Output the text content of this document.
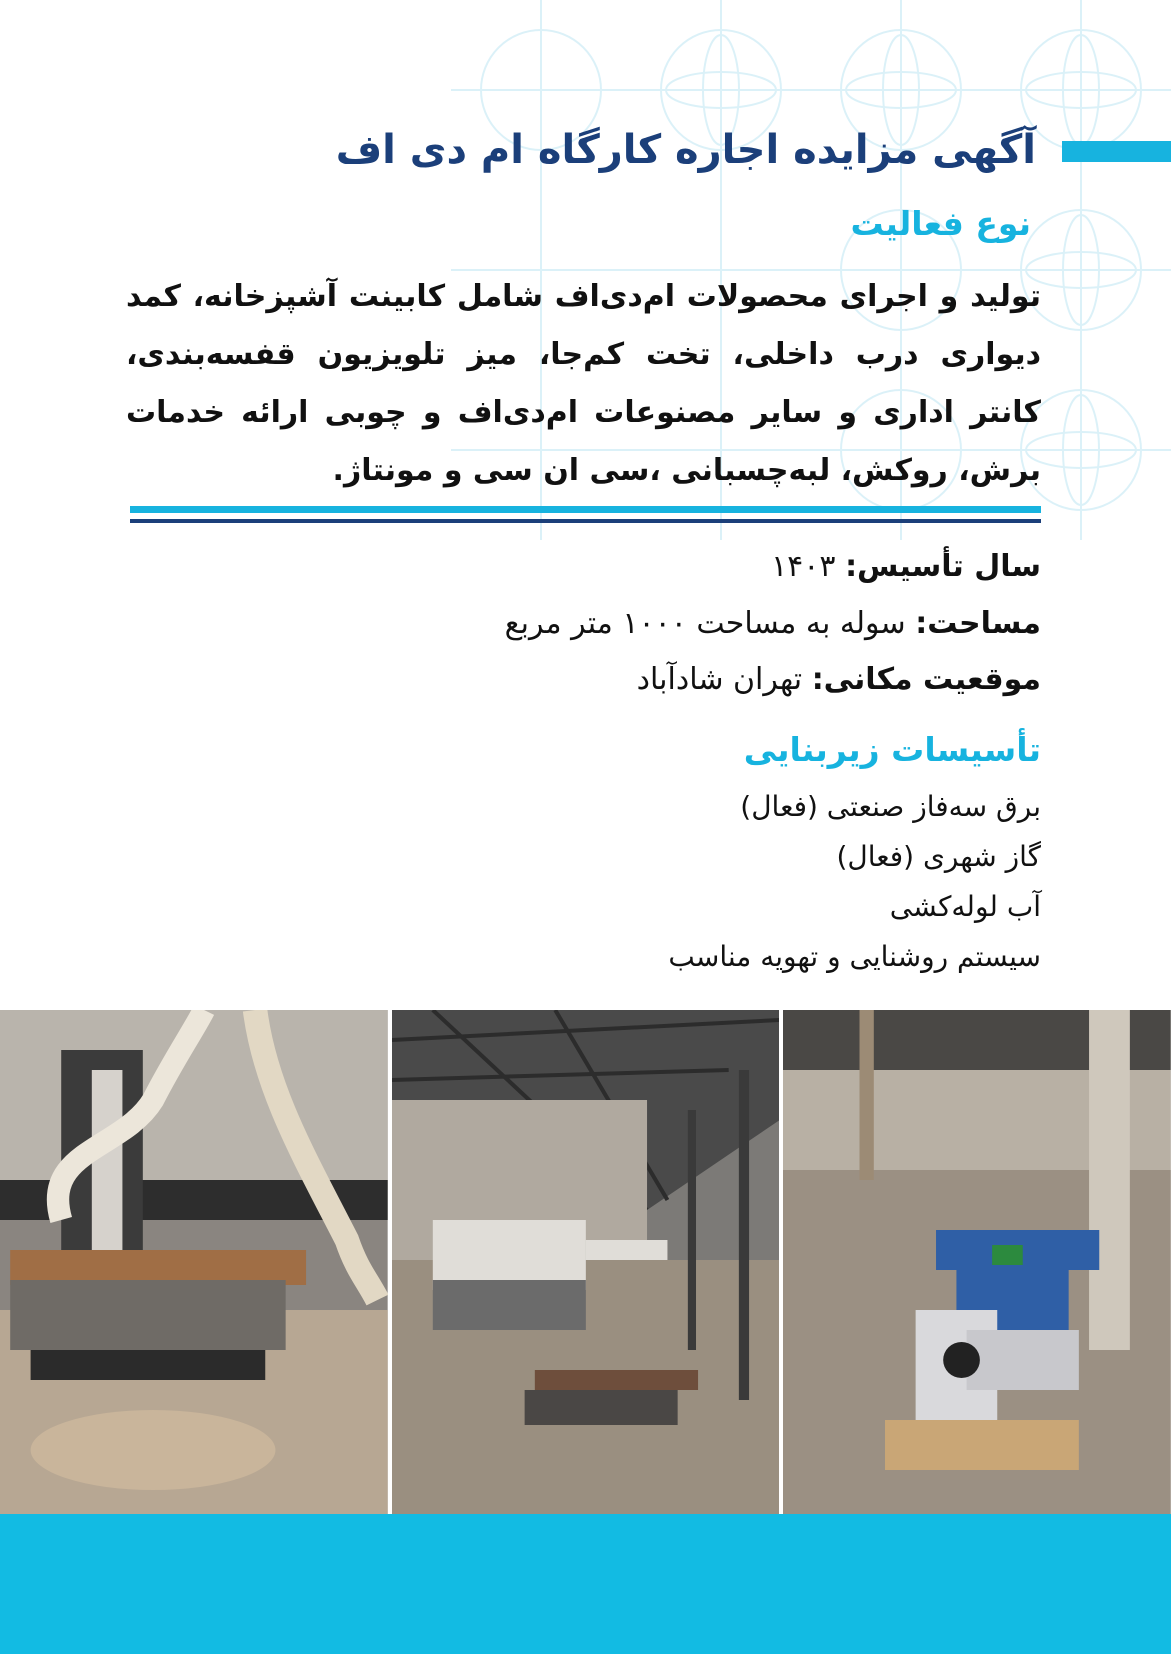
آگهی مزایده اجاره کارگاه ام دی اف
نوع فعالیت

تولید و اجرای محصولات ام‌دی‌اف شامل کابینت آشپزخانه، کمد دیواری درب داخلی، تخت کم‌جا، میز تلویزیون قفسه‌بندی، کانتر اداری و سایر مصنوعات ام‌دی‌اف و چوبی ارائه خدمات برش، روکش، لبه‌چسبانی ،سی ان سی و مونتاژ.

سال تأسیس: ۱۴۰۳
مساحت: سوله به مساحت ۱۰۰۰ متر مربع
موقعیت مکانی: تهران شادآباد
تأسیسات زیربنایی
برق سه‌فاز صنعتی (فعال)
گاز شهری (فعال)
آب لوله‌کشی
سیستم روشنایی و تهویه مناسب
